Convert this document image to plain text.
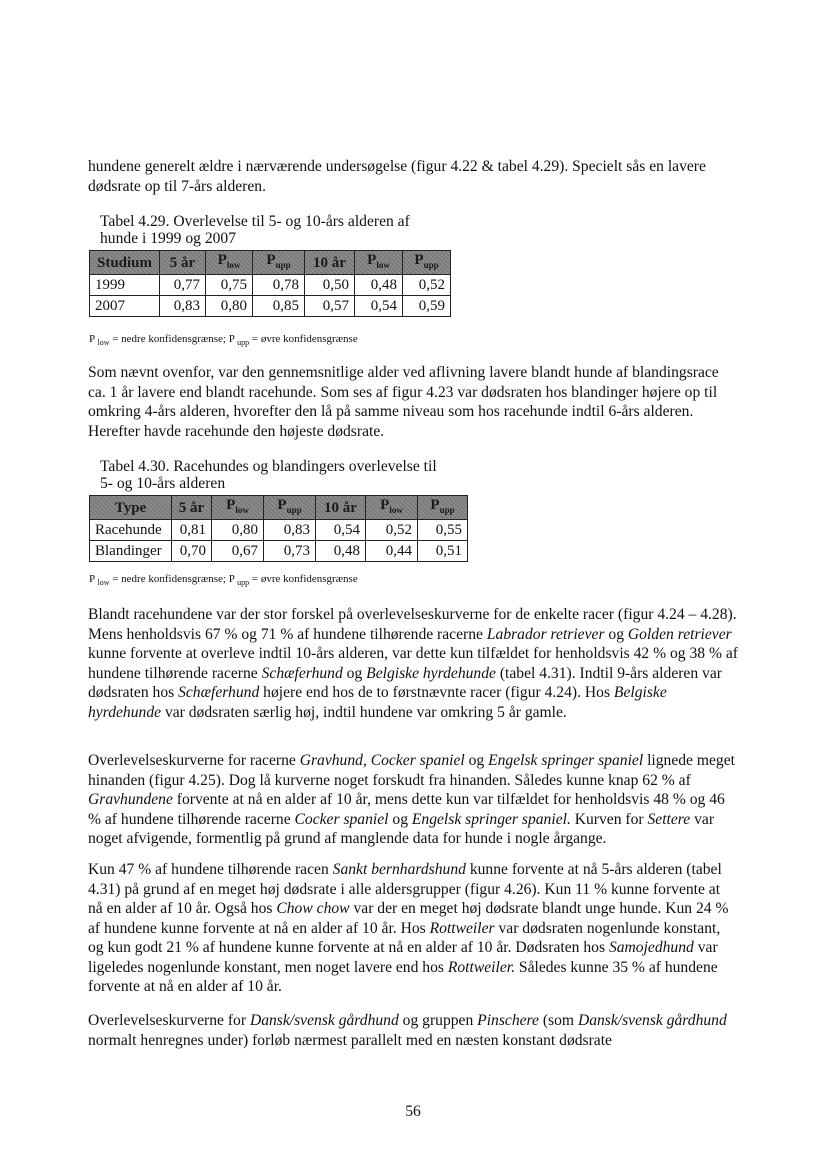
hundene generelt ældre i nærværende undersøgelse (figur 4.22 & tabel 4.29). Specielt sås en lavere dødsrate op til 7-års alderen.

Tabel 4.29. Overlevelse til 5- og 10-års alderen af hunde i 1999 og 2007

Studium	5 år	$P_{low}$	$P_{upp}$	10 år	$P_{low}$	$P_{upp}$
1999	0,77	0,75	0,78	0,50	0,48	0,52
2007	0,83	0,80	0,85	0,57	0,54	0,59
P $_{low}$ = nedre konfidensgrænse; P $_{upp}$ = øvre konfidensgrænse

Som nævnt ovenfor, var den gennemsnitlige alder ved aflivning lavere blandt hunde af blandingsrace ca. 1 år lavere end blandt racehunde. Som ses af figur 4.23 var dødsraten hos blandinger højere op til omkring 4-års alderen, hvorefter den lå på samme niveau som hos racehunde indtil 6-års alderen. Herefter havde racehunde den højeste dødsrate.

Tabel 4.30. Racehundes og blandingers overlevelse til 5- og 10-års alderen

Type	5 år	$P_{low}$	$P_{upp}$	10 år	$P_{low}$	$P_{upp}$
Racehunde	0,81	0,80	0,83	0,54	0,52	0,55
Blandinger	0,70	0,67	0,73	0,48	0,44	0,51
P $_{low}$ = nedre konfidensgrænse; P $_{upp}$ = øvre konfidensgrænse

Blandt racehundene var der stor forskel på overlevelseskurverne for de enkelte racer (figur 4.24 – 4.28). Mens henholdsvis 67 % og 71 % af hundene tilhørende racerne Labrador retriever og Golden retriever kunne forvente at overleve indtil 10-års alderen, var dette kun tilfældet for henholdsvis 42 % og 38 % af hundene tilhørende racerne Schæferhund og Belgiske hyrdehunde (tabel 4.31). Indtil 9-års alderen var dødsraten hos Schæferhund højere end hos de to førstnævnte racer (figur 4.24). Hos Belgiske hyrdehunde var dødsraten særlig høj, indtil hundene var omkring 5 år gamle.

Overlevelseskurverne for racerne Gravhund, Cocker spaniel og Engelsk springer spaniel lignede meget hinanden (figur 4.25). Dog lå kurverne noget forskudt fra hinanden. Således kunne knap 62 % af Gravhundene forvente at nå en alder af 10 år, mens dette kun var tilfældet for henholdsvis 48 % og 46 % af hundene tilhørende racerne Cocker spaniel og Engelsk springer spaniel. Kurven for Settere var noget afvigende, formentlig på grund af manglende data for hunde i nogle årgange.

Kun 47 % af hundene tilhørende racen Sankt bernhardshund kunne forvente at nå 5-års alderen (tabel 4.31) på grund af en meget høj dødsrate i alle aldersgrupper (figur 4.26). Kun 11 % kunne forvente at nå en alder af 10 år. Også hos Chow chow var der en meget høj dødsrate blandt unge hunde. Kun 24 % af hundene kunne forvente at nå en alder af 10 år. Hos Rottweiler var dødsraten nogenlunde konstant, og kun godt 21 % af hundene kunne forvente at nå en alder af 10 år. Dødsraten hos Samojedhund var ligeledes nogenlunde konstant, men noget lavere end hos Rottweiler. Således kunne 35 % af hundene forvente at nå en alder af 10 år.

Overlevelseskurverne for Dansk/svensk gårdhund og gruppen Pinschere (som Dansk/svensk gårdhund normalt henregnes under) forløb nærmest parallelt med en næsten konstant dødsrate

56
